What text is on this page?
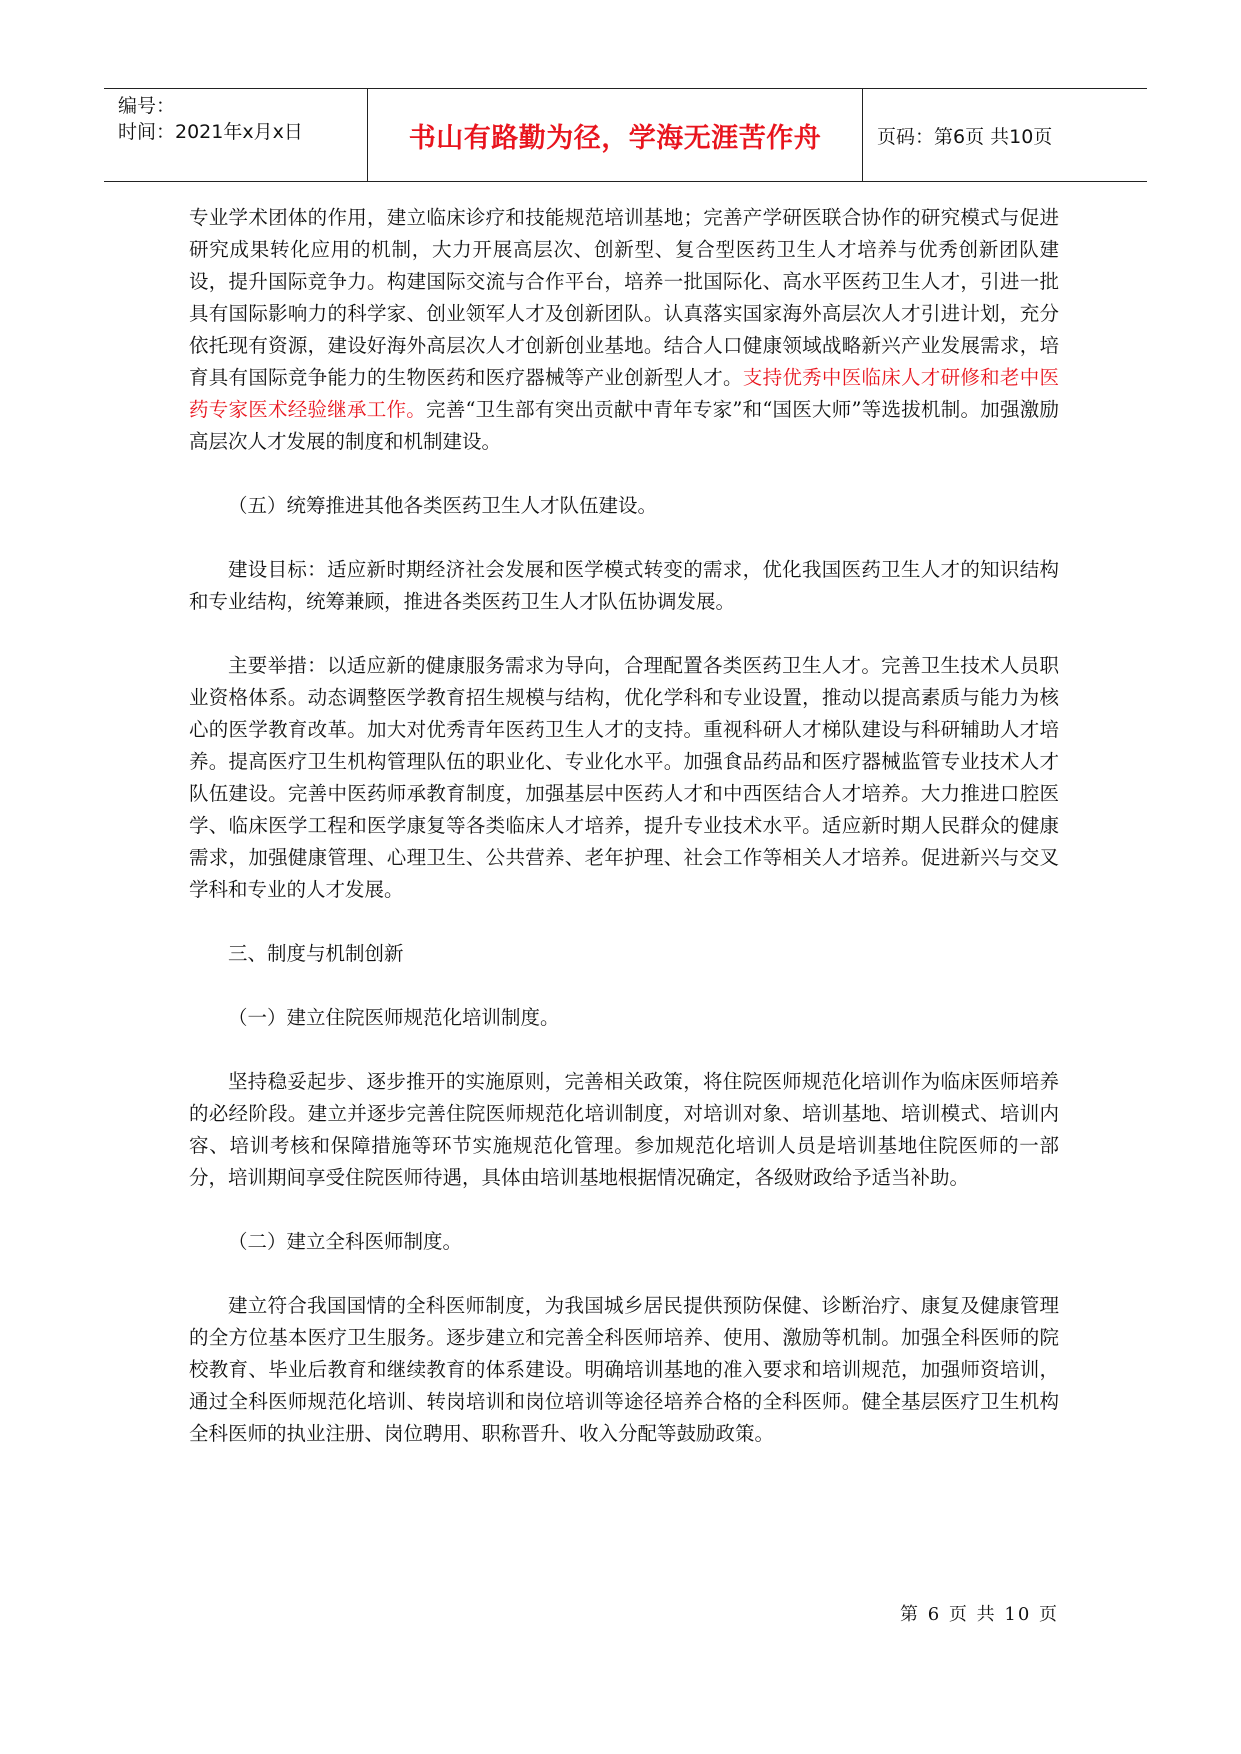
编号：
时间：2021年x月x日	书山有路勤为径，学海无涯苦作舟	页码：第6页 共10页

专业学术团体的作用，建立临床诊疗和技能规范培训基地；完善产学研医联合协作的研究模式与促进研究成果转化应用的机制，大力开展高层次、创新型、复合型医药卫生人才培养与优秀创新团队建设，提升国际竞争力。构建国际交流与合作平台，培养一批国际化、高水平医药卫生人才，引进一批具有国际影响力的科学家、创业领军人才及创新团队。认真落实国家海外高层次人才引进计划，充分依托现有资源，建设好海外高层次人才创新创业基地。结合人口健康领域战略新兴产业发展需求，培育具有国际竞争能力的生物医药和医疗器械等产业创新型人才。支持优秀中医临床人才研修和老中医药专家医术经验继承工作。完善“卫生部有突出贡献中青年专家”和“国医大师”等选拔机制。加强激励高层次人才发展的制度和机制建设。

（五）统筹推进其他各类医药卫生人才队伍建设。

建设目标：适应新时期经济社会发展和医学模式转变的需求，优化我国医药卫生人才的知识结构和专业结构，统筹兼顾，推进各类医药卫生人才队伍协调发展。

主要举措：以适应新的健康服务需求为导向，合理配置各类医药卫生人才。完善卫生技术人员职业资格体系。动态调整医学教育招生规模与结构，优化学科和专业设置，推动以提高素质与能力为核心的医学教育改革。加大对优秀青年医药卫生人才的支持。重视科研人才梯队建设与科研辅助人才培养。提高医疗卫生机构管理队伍的职业化、专业化水平。加强食品药品和医疗器械监管专业技术人才队伍建设。完善中医药师承教育制度，加强基层中医药人才和中西医结合人才培养。大力推进口腔医学、临床医学工程和医学康复等各类临床人才培养，提升专业技术水平。适应新时期人民群众的健康需求，加强健康管理、心理卫生、公共营养、老年护理、社会工作等相关人才培养。促进新兴与交叉学科和专业的人才发展。

三、制度与机制创新

（一）建立住院医师规范化培训制度。

坚持稳妥起步、逐步推开的实施原则，完善相关政策，将住院医师规范化培训作为临床医师培养的必经阶段。建立并逐步完善住院医师规范化培训制度，对培训对象、培训基地、培训模式、培训内容、培训考核和保障措施等环节实施规范化管理。参加规范化培训人员是培训基地住院医师的一部分，培训期间享受住院医师待遇，具体由培训基地根据情况确定，各级财政给予适当补助。

（二）建立全科医师制度。

建立符合我国国情的全科医师制度，为我国城乡居民提供预防保健、诊断治疗、康复及健康管理的全方位基本医疗卫生服务。逐步建立和完善全科医师培养、使用、激励等机制。加强全科医师的院校教育、毕业后教育和继续教育的体系建设。明确培训基地的准入要求和培训规范，加强师资培训，通过全科医师规范化培训、转岗培训和岗位培训等途径培养合格的全科医师。健全基层医疗卫生机构全科医师的执业注册、岗位聘用、职称晋升、收入分配等鼓励政策。

第 6 页 共 10 页
